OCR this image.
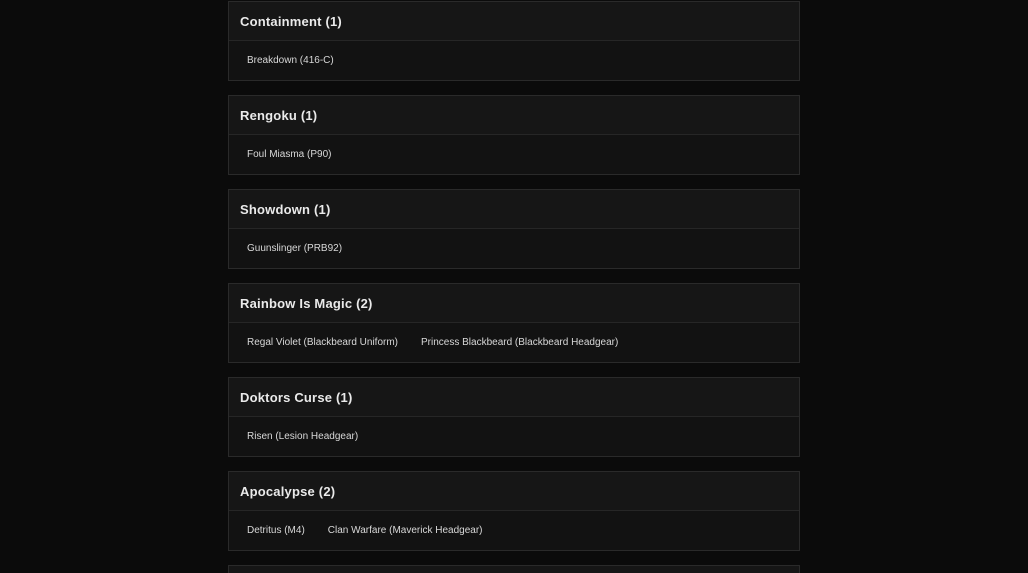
Containment (1)
Breakdown (416-C)
Rengoku (1)
Foul Miasma (P90)
Showdown (1)
Guunslinger (PRB92)
Rainbow Is Magic (2)
Regal Violet (Blackbeard Uniform) Princess Blackbeard (Blackbeard Headgear)
Doktors Curse (1)
Risen (Lesion Headgear)
Apocalypse (2)
Detritus (M4) Clan Warfare (Maverick Headgear)
